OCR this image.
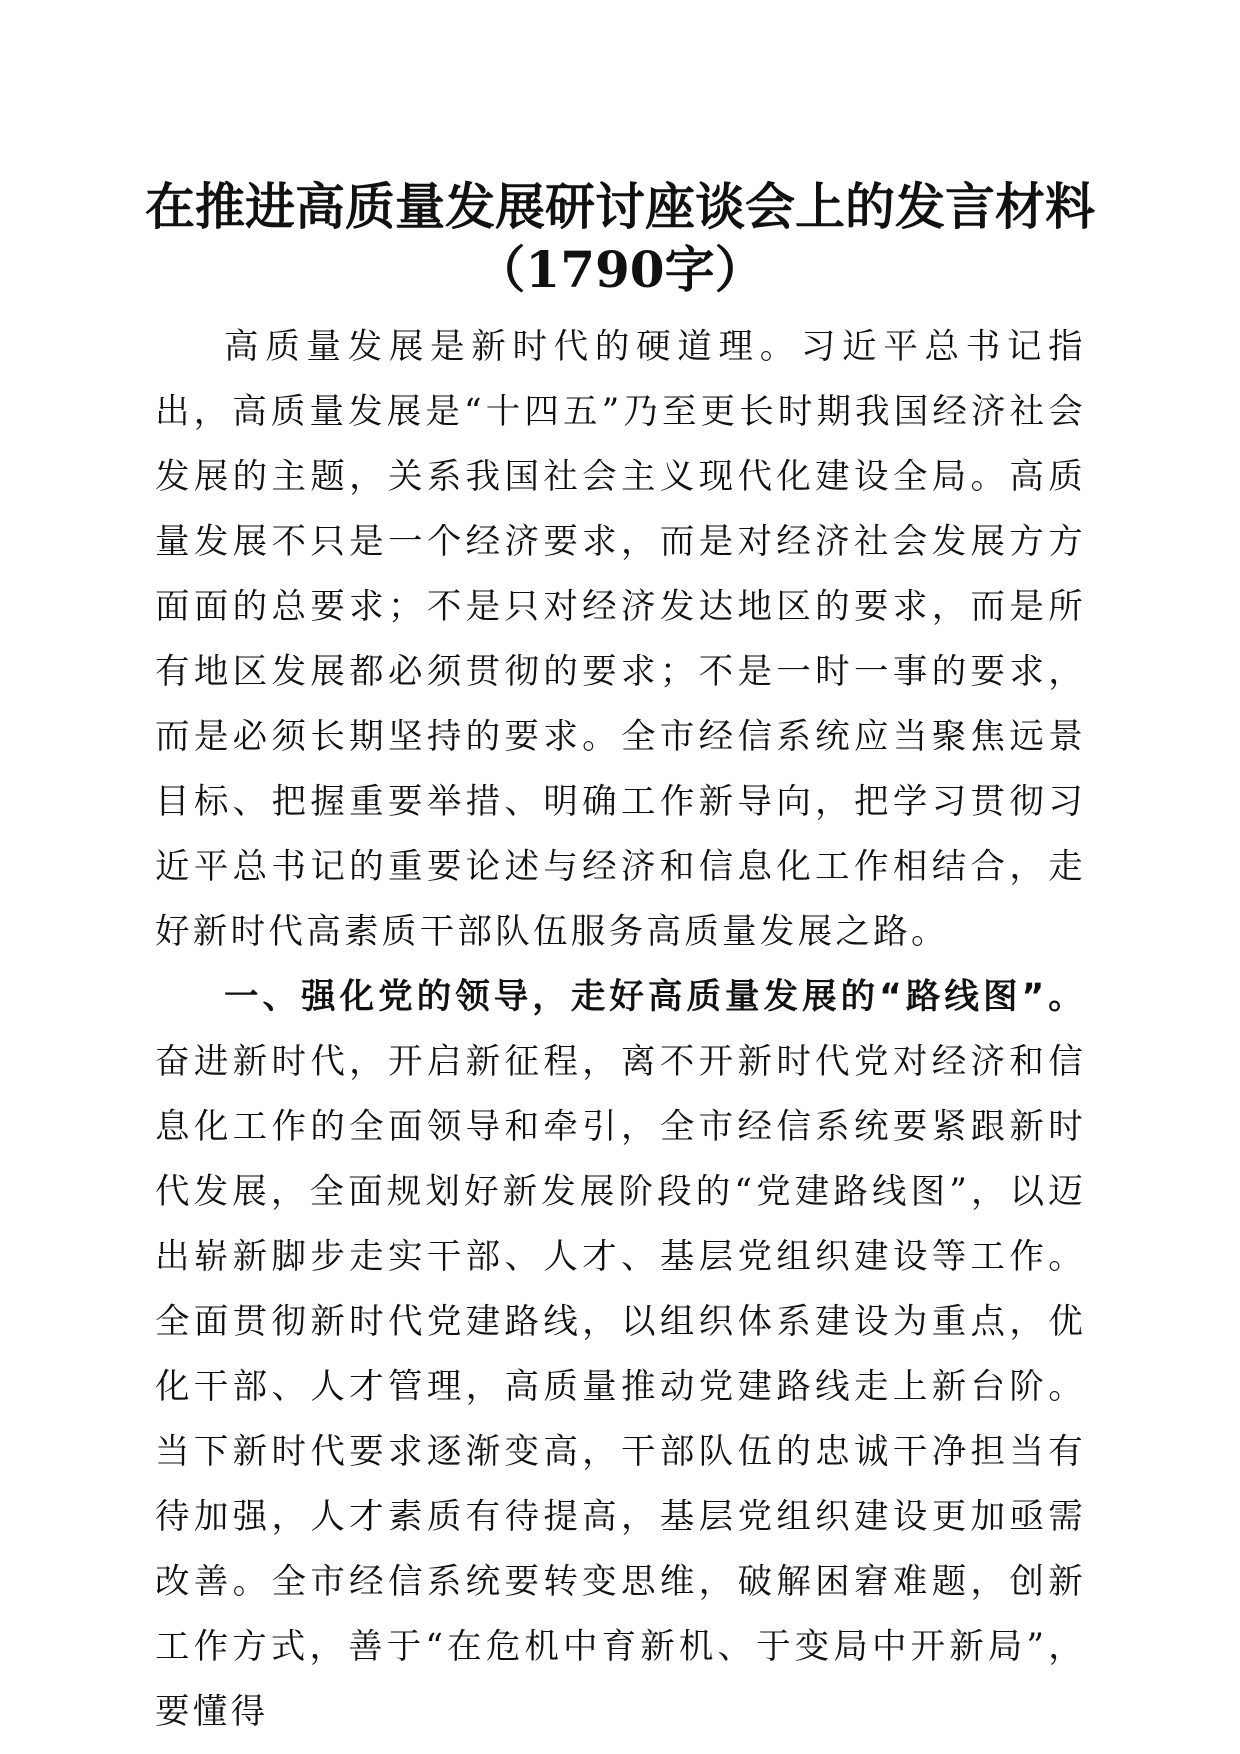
在推进高质量发展研讨座谈会上的发言材料
（1790字）

高质量发展是新时代的硬道理。习近平总书记指出，高质量发展是“十四五”乃至更长时期我国经济社会发展的主题，关系我国社会主义现代化建设全局。高质量发展不只是一个经济要求，而是对经济社会发展方方面面的总要求；不是只对经济发达地区的要求，而是所有地区发展都必须贯彻的要求；不是一时一事的要求，而是必须长期坚持的要求。全市经信系统应当聚焦远景目标、把握重要举措、明确工作新导向，把学习贯彻习近平总书记的重要论述与经济和信息化工作相结合，走好新时代高素质干部队伍服务高质量发展之路。

一、强化党的领导，走好高质量发展的“路线图”。奋进新时代，开启新征程，离不开新时代党对经济和信息化工作的全面领导和牵引，全市经信系统要紧跟新时代发展，全面规划好新发展阶段的“党建路线图”，以迈出崭新脚步走实干部、人才、基层党组织建设等工作。全面贯彻新时代党建路线，以组织体系建设为重点，优化干部、人才管理，高质量推动党建路线走上新台阶。当下新时代要求逐渐变高，干部队伍的忠诚干净担当有待加强，人才素质有待提高，基层党组织建设更加亟需改善。全市经信系统要转变思维，破解困窘难题，创新工作方式，善于“在危机中育新机、于变局中开新局”，要懂得
